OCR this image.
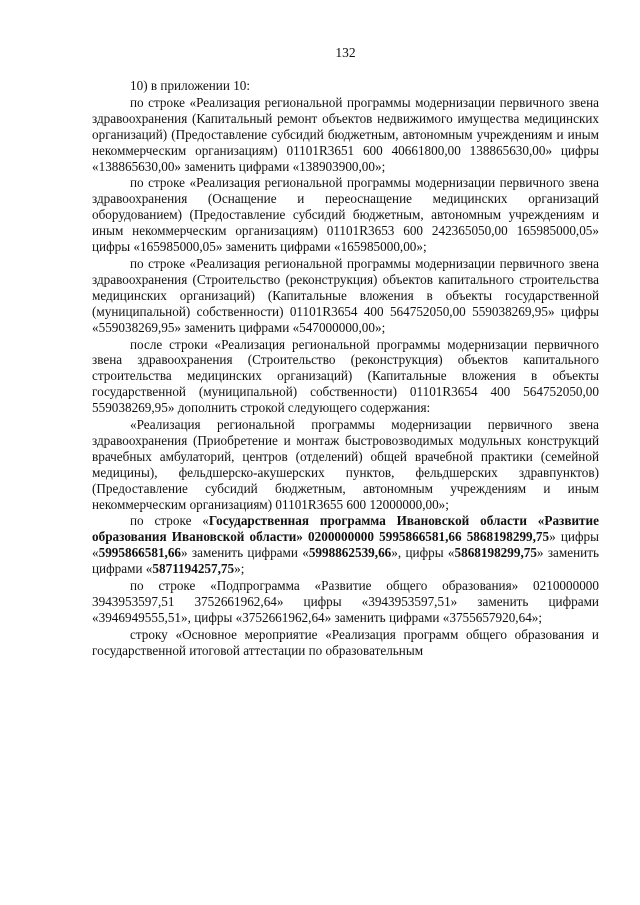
132

10) в приложении 10:

по строке «Реализация региональной программы модернизации первичного звена здравоохранения (Капитальный ремонт объектов недвижимого имущества медицинских организаций) (Предоставление субсидий бюджетным, автономным учреждениям и иным некоммерческим организациям) 01101R3651 600 40661800,00 138865630,00» цифры «138865630,00» заменить цифрами «138903900,00»;

по строке «Реализация региональной программы модернизации первичного звена здравоохранения (Оснащение и переоснащение медицинских организаций оборудованием) (Предоставление субсидий бюджетным, автономным учреждениям и иным некоммерческим организациям) 01101R3653 600 242365050,00 165985000,05» цифры «165985000,05» заменить цифрами «165985000,00»;

по строке «Реализация региональной программы модернизации первичного звена здравоохранения (Строительство (реконструкция) объектов капитального строительства медицинских организаций) (Капитальные вложения в объекты государственной (муниципальной) собственности) 01101R3654 400 564752050,00 559038269,95» цифры «559038269,95» заменить цифрами «547000000,00»;

после строки «Реализация региональной программы модернизации первичного звена здравоохранения (Строительство (реконструкция) объектов капитального строительства медицинских организаций) (Капитальные вложения в объекты государственной (муниципальной) собственности) 01101R3654 400 564752050,00 559038269,95» дополнить строкой следующего содержания:

«Реализация региональной программы модернизации первичного звена здравоохранения (Приобретение и монтаж быстровозводимых модульных конструкций врачебных амбулаторий, центров (отделений) общей врачебной практики (семейной медицины), фельдшерско-акушерских пунктов, фельдшерских здравпунктов) (Предоставление субсидий бюджетным, автономным учреждениям и иным некоммерческим организациям) 01101R3655 600 12000000,00»;

по строке «Государственная программа Ивановской области «Развитие образования Ивановской области» 0200000000 5995866581,66 5868198299,75» цифры «5995866581,66» заменить цифрами «5998862539,66», цифры «5868198299,75» заменить цифрами «5871194257,75»;

по строке «Подпрограмма «Развитие общего образования» 0210000000 3943953597,51 3752661962,64» цифры «3943953597,51» заменить цифрами «3946949555,51», цифры «3752661962,64» заменить цифрами «3755657920,64»;

строку «Основное мероприятие «Реализация программ общего образования и государственной итоговой аттестации по образовательным
